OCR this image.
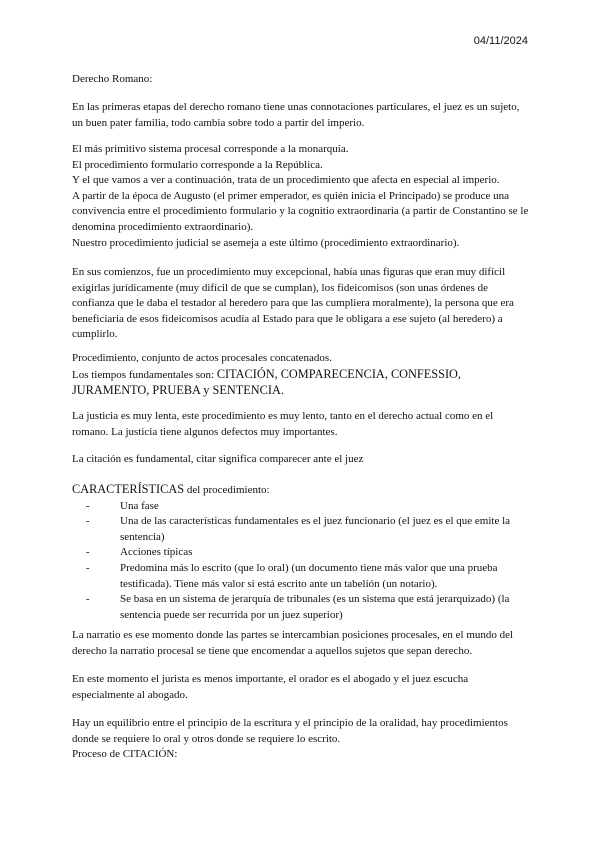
04/11/2024

Derecho Romano:

En las primeras etapas del derecho romano tiene unas connotaciones particulares, el juez es un sujeto, un buen pater familia, todo cambia sobre todo a partir del imperio.

El más primitivo sistema procesal corresponde a la monarquía.
El procedimiento formulario corresponde a la República.
Y el que vamos a ver a continuación, trata de un procedimiento que afecta en especial al imperio.
A partir de la época de Augusto (el primer emperador, es quién inicia el Principado) se produce una convivencia entre el procedimiento formulario y la cognitio extraordinaria (a partir de Constantino se le denomina procedimiento extraordinario).
Nuestro procedimiento judicial se asemeja a este último (procedimiento extraordinario).

En sus comienzos, fue un procedimiento muy excepcional, había unas figuras que eran muy difícil exigirlas jurídicamente (muy difícil de que se cumplan), los fideicomisos (son unas órdenes de confianza que le daba el testador al heredero para que las cumpliera moralmente), la persona que era beneficiaria de esos fideicomisos acudía al Estado para que le obligara a ese sujeto (al heredero) a cumplirlo.

Procedimiento, conjunto de actos procesales concatenados.
Los tiempos fundamentales son: CITACIÓN, COMPARECENCIA, CONFESSIO, JURAMENTO, PRUEBA y SENTENCIA.

La justicia es muy lenta, este procedimiento es muy lento, tanto en el derecho actual como en el romano. La justicia tiene algunos defectos muy importantes.

La citación es fundamental, citar significa comparecer ante el juez

CARACTERÍSTICAS del procedimiento:
-	Una fase
-	Una de las características fundamentales es el juez funcionario (el juez es el que emite la sentencia)
-	Acciones típicas
-	Predomina más lo escrito (que lo oral) (un documento tiene más valor que una prueba testificada). Tiene más valor si está escrito ante un tabelión (un notario).
-	Se basa en un sistema de jerarquía de tribunales (es un sistema que está jerarquizado) (la sentencia puede ser recurrida por un juez superior)

La narratio es ese momento donde las partes se intercambian posiciones procesales, en el mundo del derecho la narratio procesal se tiene que encomendar a aquellos sujetos que sepan derecho.

En este momento el jurista es menos importante, el orador es el abogado y el juez escucha especialmente al abogado.

Hay un equilibrio entre el principio de la escritura y el principio de la oralidad, hay procedimientos donde se requiere lo oral y otros donde se requiere lo escrito.

Proceso de CITACIÓN:
